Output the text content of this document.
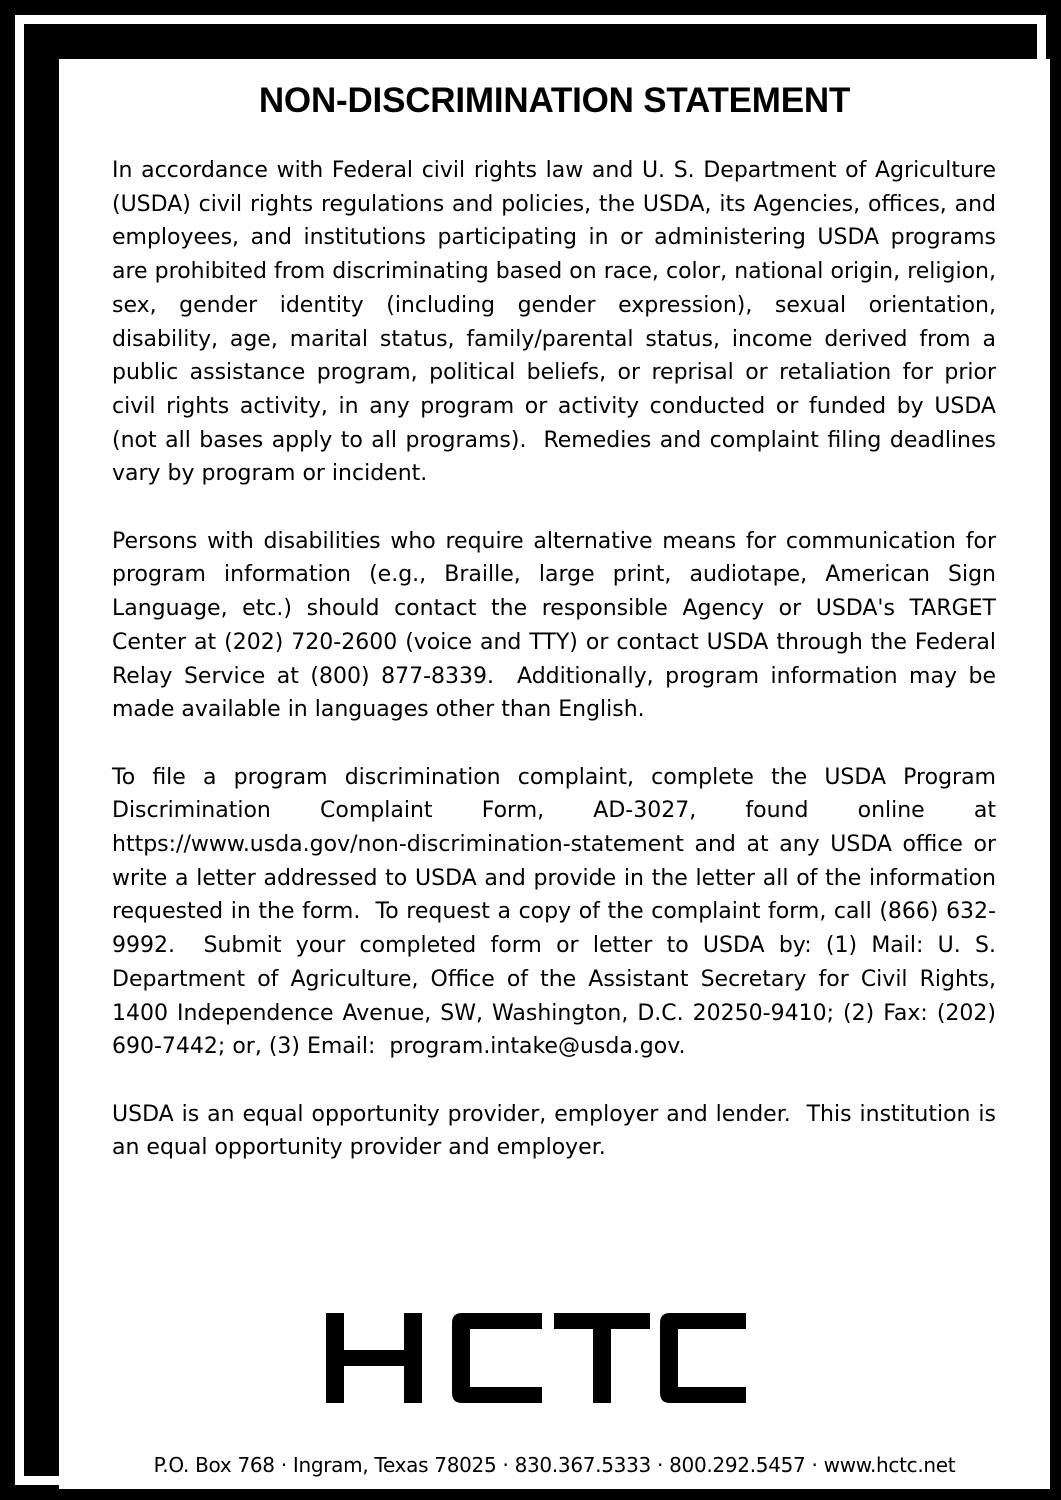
NON-DISCRIMINATION STATEMENT

In accordance with Federal civil rights law and U. S. Department of Agriculture (USDA) civil rights regulations and policies, the USDA, its Agencies, offices, and employees, and institutions participating in or administering USDA programs are prohibited from discriminating based on race, color, national origin, religion, sex, gender identity (including gender expression), sexual orientation, disability, age, marital status, family/parental status, income derived from a public assistance program, political beliefs, or reprisal or retaliation for prior civil rights activity, in any program or activity conducted or funded by USDA (not all bases apply to all programs).  Remedies and complaint filing deadlines vary by program or incident.

Persons with disabilities who require alternative means for communication for program information (e.g., Braille, large print, audiotape, American Sign Language, etc.) should contact the responsible Agency or USDA's TARGET Center at (202) 720-2600 (voice and TTY) or contact USDA through the Federal Relay Service at (800) 877-8339.  Additionally, program information may be made available in languages other than English.

To file a program discrimination complaint, complete the USDA Program Discrimination Complaint Form, AD-3027, found online at https://www.usda.gov/non-discrimination-statement and at any USDA office or write a letter addressed to USDA and provide in the letter all of the information requested in the form.  To request a copy of the complaint form, call (866) 632-9992.  Submit your completed form or letter to USDA by: (1) Mail: U. S. Department of Agriculture, Office of the Assistant Secretary for Civil Rights, 1400 Independence Avenue, SW, Washington, D.C. 20250-9410; (2) Fax: (202) 690-7442; or, (3) Email:  program.intake@usda.gov.

USDA is an equal opportunity provider, employer and lender.  This institution is an equal opportunity provider and employer.

P.O. Box 768 · Ingram, Texas 78025 · 830.367.5333 · 800.292.5457 · www.hctc.net
